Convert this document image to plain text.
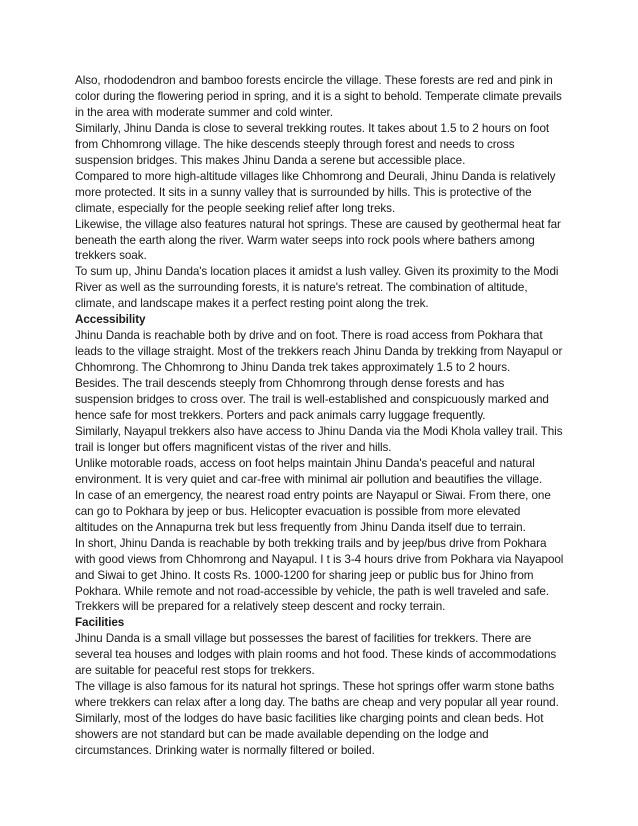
Also, rhododendron and bamboo forests encircle the village. These forests are red and pink in color during the flowering period in spring, and it is a sight to behold. Temperate climate prevails in the area with moderate summer and cold winter.

Similarly, Jhinu Danda is close to several trekking routes. It takes about 1.5 to 2 hours on foot from Chhomrong village. The hike descends steeply through forest and needs to cross suspension bridges. This makes Jhinu Danda a serene but accessible place.

Compared to more high-altitude villages like Chhomrong and Deurali, Jhinu Danda is relatively more protected. It sits in a sunny valley that is surrounded by hills. This is protective of the climate, especially for the people seeking relief after long treks.

Likewise, the village also features natural hot springs. These are caused by geothermal heat far beneath the earth along the river. Warm water seeps into rock pools where bathers among trekkers soak.

To sum up, Jhinu Danda's location places it amidst a lush valley. Given its proximity to the Modi River as well as the surrounding forests, it is nature's retreat. The combination of altitude, climate, and landscape makes it a perfect resting point along the trek.

Accessibility

Jhinu Danda is reachable both by drive and on foot. There is road access from Pokhara that leads to the village straight. Most of the trekkers reach Jhinu Danda by trekking from Nayapul or Chhomrong. The Chhomrong to Jhinu Danda trek takes approximately 1.5 to 2 hours.

Besides. The trail descends steeply from Chhomrong through dense forests and has suspension bridges to cross over. The trail is well-established and conspicuously marked and hence safe for most trekkers. Porters and pack animals carry luggage frequently.

Similarly, Nayapul trekkers also have access to Jhinu Danda via the Modi Khola valley trail. This trail is longer but offers magnificent vistas of the river and hills.

Unlike motorable roads, access on foot helps maintain Jhinu Danda's peaceful and natural environment. It is very quiet and car-free with minimal air pollution and beautifies the village.

In case of an emergency, the nearest road entry points are Nayapul or Siwai. From there, one can go to Pokhara by jeep or bus. Helicopter evacuation is possible from more elevated altitudes on the Annapurna trek but less frequently from Jhinu Danda itself due to terrain.

In short, Jhinu Danda is reachable by both trekking trails and by jeep/bus drive from Pokhara with good views from Chhomrong and Nayapul. I t is 3-4 hours drive from Pokhara via Nayapool and Siwai to get Jhino. It costs Rs. 1000-1200 for sharing jeep or public bus for Jhino from Pokhara. While remote and not road-accessible by vehicle, the path is well traveled and safe. Trekkers will be prepared for a relatively steep descent and rocky terrain.

Facilities

Jhinu Danda is a small village but possesses the barest of facilities for trekkers. There are several tea houses and lodges with plain rooms and hot food. These kinds of accommodations are suitable for peaceful rest stops for trekkers.

The village is also famous for its natural hot springs. These hot springs offer warm stone baths where trekkers can relax after a long day. The baths are cheap and very popular all year round.

Similarly, most of the lodges do have basic facilities like charging points and clean beds. Hot showers are not standard but can be made available depending on the lodge and circumstances. Drinking water is normally filtered or boiled.
